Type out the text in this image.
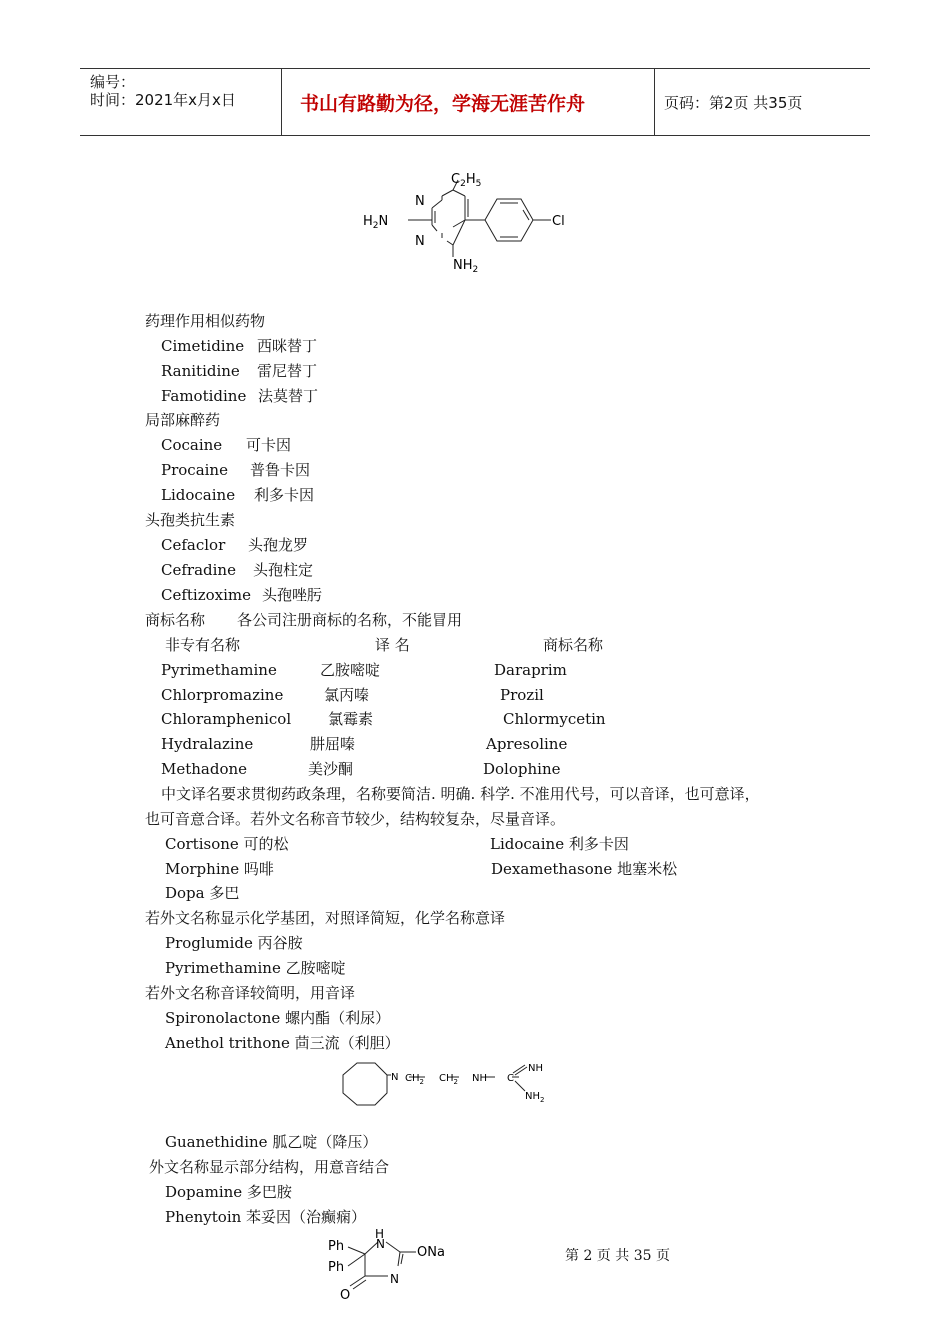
编号：
时间：2021年x月x日	书山有路勤为径，学海无涯苦作舟	页码：第2页 共35页
$C_2H_5$
N
N
$H_2N$
$NH_2$
Cl
药理作用相似药物
Cimetidine 西咪替丁
Ranitidine 雷尼替丁
Famotidine 法莫替丁
局部麻醉药
Cocaine 可卡因
Procaine 普鲁卡因
Lidocaine 利多卡因
头孢类抗生素
Cefaclor 头孢龙罗
Cefradine 头孢柱定
Ceftizoxime 头孢唑肟
商标名称 各公司注册商标的名称，不能冒用
非专有名称	译 名	商标名称
Pyrimethamine	乙胺嘧啶	Daraprim
Chlorpromazine	氯丙嗪	Prozil
Chloramphenicol 氯霉素	Chlormycetin
Hydralazine	肼屈嗪	Apresoline
Methadone	美沙酮	Dolophine
中文译名要求贯彻药政条理，名称要简洁. 明确. 科学. 不准用代号，可以音译，也可意译，
也可音意合译。若外文名称音节较少，结构较复杂，尽量音译。
Cortisone 可的松	Lidocaine 利多卡因
Morphine 吗啡	Dexamethasone 地塞米松
Dopa 多巴
若外文名称显示化学基团，对照译简短，化学名称意译
Proglumide 丙谷胺
Pyrimethamine 乙胺嘧啶
若外文名称音译较简明，用音译
Spironolactone 螺内酯（利尿）
Anethol trithone 茴三流（利胆）
N $CH_2$ $CH_2$ NH C
NH
$NH_2$
Guanethidine 胍乙啶（降压）
外文名称显示部分结构，用意音结合
Dopamine 多巴胺
Phenytoin 苯妥因（治癫痫）
Ph
Ph
H
N
ONa
N
O
第 2 页 共 35 页
